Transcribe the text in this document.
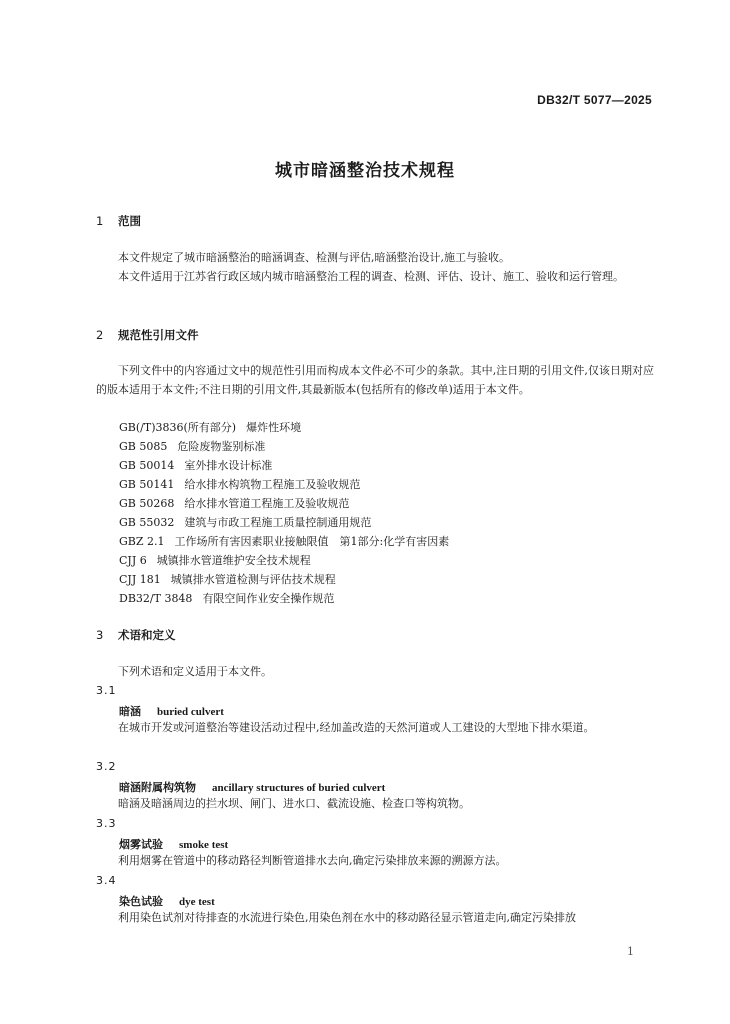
DB32/T 5077—2025
城市暗涵整治技术规程
1 范围
本文件规定了城市暗涵整治的暗涵调查、检测与评估,暗涵整治设计,施工与验收。
本文件适用于江苏省行政区域内城市暗涵整治工程的调查、检测、评估、设计、施工、验收和运行管理。
2 规范性引用文件
下列文件中的内容通过文中的规范性引用而构成本文件必不可少的条款。其中,注日期的引用文件,仅该日期对应的版本适用于本文件;不注日期的引用文件,其最新版本(包括所有的修改单)适用于本文件。
GB(/T)3836(所有部分) 爆炸性环境
GB 5085 危险废物鉴别标准
GB 50014 室外排水设计标准
GB 50141 给水排水构筑物工程施工及验收规范
GB 50268 给水排水管道工程施工及验收规范
GB 55032 建筑与市政工程施工质量控制通用规范
GBZ 2.1 工作场所有害因素职业接触限值　第1部分:化学有害因素
CJJ 6 城镇排水管道维护安全技术规程
CJJ 181 城镇排水管道检测与评估技术规程
DB32/T 3848 有限空间作业安全操作规范
3 术语和定义
下列术语和定义适用于本文件。
3.1
暗涵 buried culvert
在城市开发或河道整治等建设活动过程中,经加盖改造的天然河道或人工建设的大型地下排水渠道。
3.2
暗涵附属构筑物 ancillary structures of buried culvert
暗涵及暗涵周边的拦水坝、闸门、进水口、截流设施、检查口等构筑物。
3.3
烟雾试验 smoke test
利用烟雾在管道中的移动路径判断管道排水去向,确定污染排放来源的溯源方法。
3.4
染色试验 dye test
利用染色试剂对待排查的水流进行染色,用染色剂在水中的移动路径显示管道走向,确定污染排放
1
